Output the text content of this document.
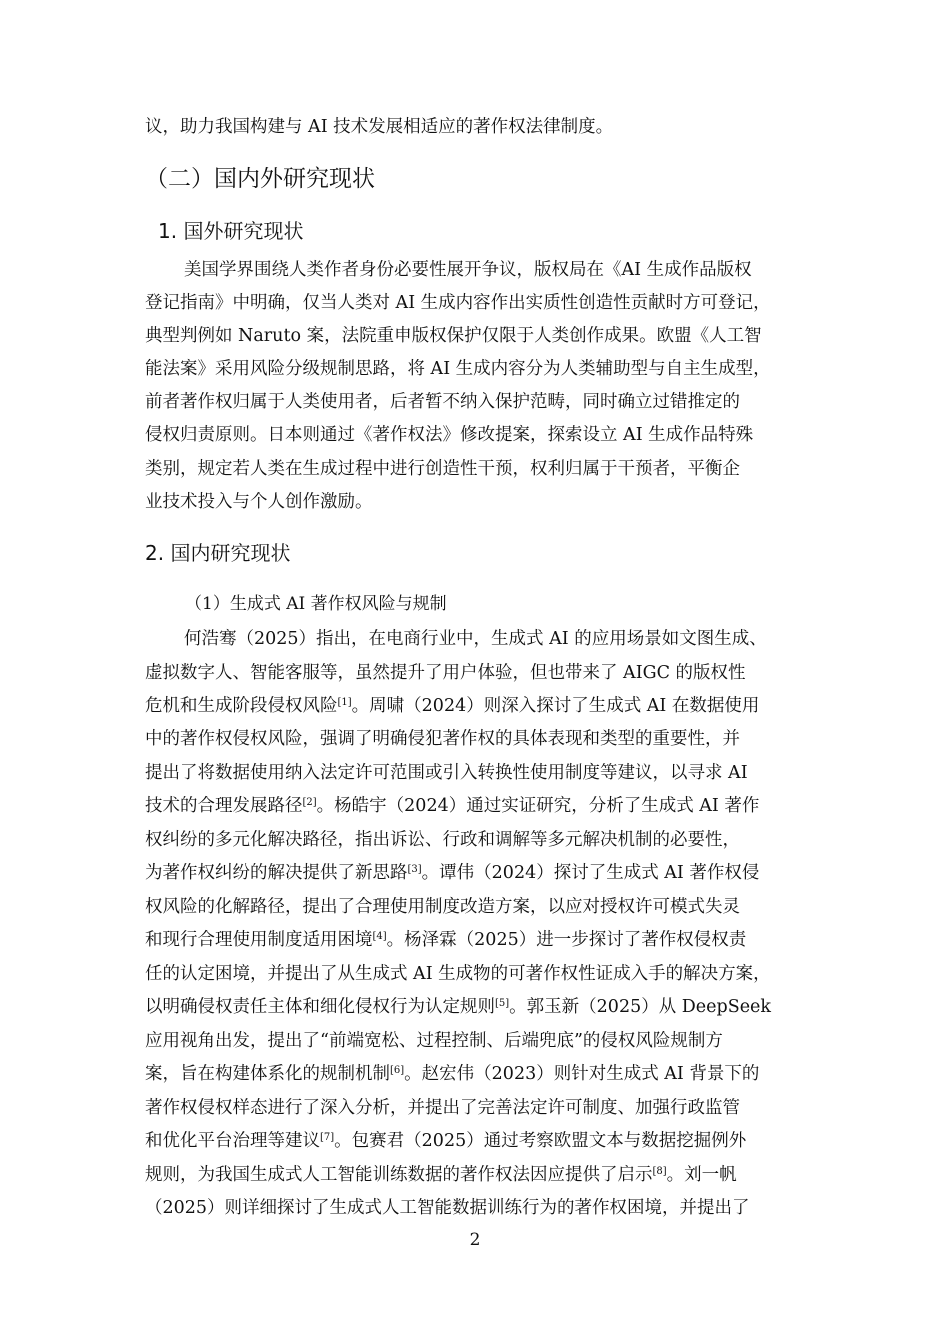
议，助力我国构建与 AI 技术发展相适应的著作权法律制度。
（二）国内外研究现状
1. 国外研究现状
美国学界围绕人类作者身份必要性展开争议，版权局在《AI 生成作品版权
登记指南》中明确，仅当人类对 AI 生成内容作出实质性创造性贡献时方可登记，
典型判例如 Naruto 案，法院重申版权保护仅限于人类创作成果。欧盟《人工智
能法案》采用风险分级规制思路，将 AI 生成内容分为人类辅助型与自主生成型，
前者著作权归属于人类使用者，后者暂不纳入保护范畴，同时确立过错推定的
侵权归责原则。日本则通过《著作权法》修改提案，探索设立 AI 生成作品特殊
类别，规定若人类在生成过程中进行创造性干预，权利归属于干预者，平衡企
业技术投入与个人创作激励。
2. 国内研究现状
（1）生成式 AI 著作权风险与规制
何浩骞（2025）指出，在电商行业中，生成式 AI 的应用场景如文图生成、
虚拟数字人、智能客服等，虽然提升了用户体验，但也带来了 AIGC 的版权性
危机和生成阶段侵权风险[1]。周啸（2024）则深入探讨了生成式 AI 在数据使用
中的著作权侵权风险，强调了明确侵犯著作权的具体表现和类型的重要性，并
提出了将数据使用纳入法定许可范围或引入转换性使用制度等建议，以寻求 AI
技术的合理发展路径[2]。杨皓宇（2024）通过实证研究，分析了生成式 AI 著作
权纠纷的多元化解决路径，指出诉讼、行政和调解等多元解决机制的必要性，
为著作权纠纷的解决提供了新思路[3]。谭伟（2024）探讨了生成式 AI 著作权侵
权风险的化解路径，提出了合理使用制度改造方案，以应对授权许可模式失灵
和现行合理使用制度适用困境[4]。杨泽霖（2025）进一步探讨了著作权侵权责
任的认定困境，并提出了从生成式 AI 生成物的可著作权性证成入手的解决方案，
以明确侵权责任主体和细化侵权行为认定规则[5]。郭玉新（2025）从 DeepSeek
应用视角出发，提出了“前端宽松、过程控制、后端兜底”的侵权风险规制方
案，旨在构建体系化的规制机制[6]。赵宏伟（2023）则针对生成式 AI 背景下的
著作权侵权样态进行了深入分析，并提出了完善法定许可制度、加强行政监管
和优化平台治理等建议[7]。包赛君（2025）通过考察欧盟文本与数据挖掘例外
规则，为我国生成式人工智能训练数据的著作权法因应提供了启示[8]。刘一帆
（2025）则详细探讨了生成式人工智能数据训练行为的著作权困境，并提出了
2
